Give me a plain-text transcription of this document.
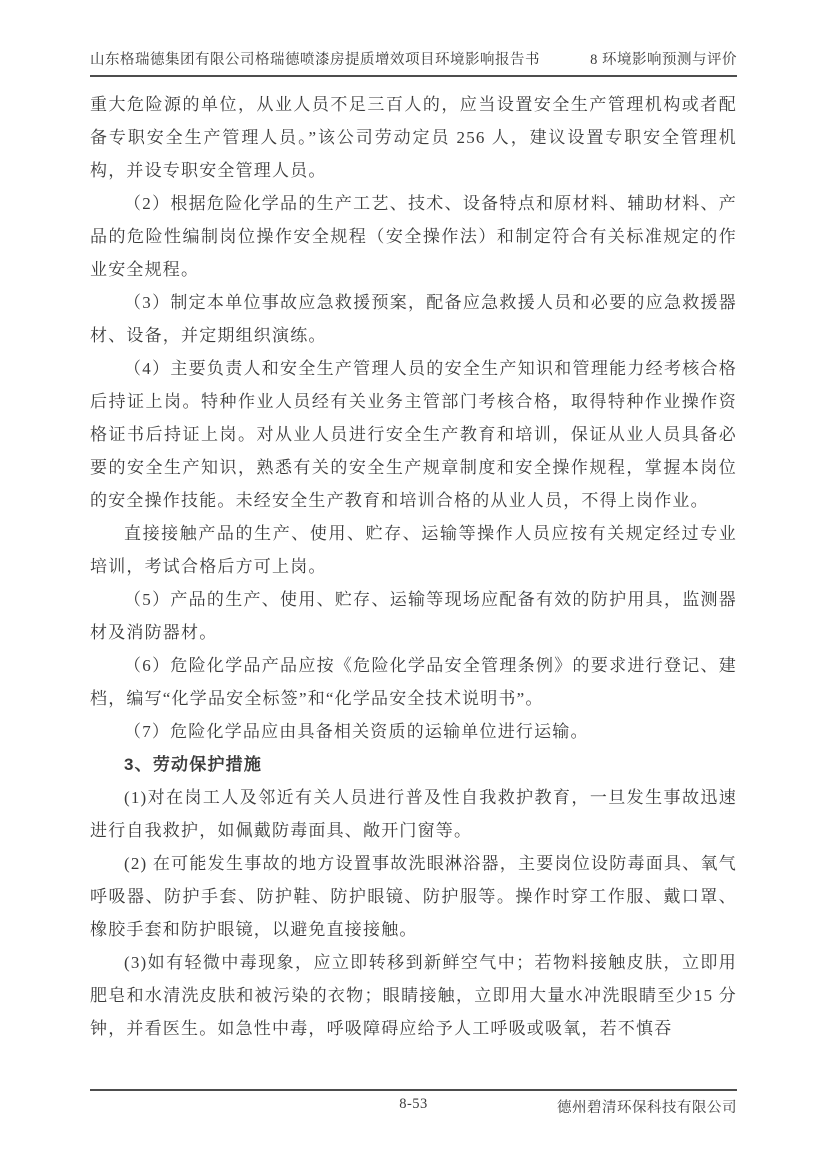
山东格瑞德集团有限公司格瑞德喷漆房提质增效项目环境影响报告书	8 环境影响预测与评价

重大危险源的单位，从业人员不足三百人的，应当设置安全生产管理机构或者配备专职安全生产管理人员。”该公司劳动定员 256 人，建议设置专职安全管理机构，并设专职安全管理人员。

（2）根据危险化学品的生产工艺、技术、设备特点和原材料、辅助材料、产品的危险性编制岗位操作安全规程（安全操作法）和制定符合有关标准规定的作业安全规程。

（3）制定本单位事故应急救援预案，配备应急救援人员和必要的应急救援器材、设备，并定期组织演练。

（4）主要负责人和安全生产管理人员的安全生产知识和管理能力经考核合格后持证上岗。特种作业人员经有关业务主管部门考核合格，取得特种作业操作资格证书后持证上岗。对从业人员进行安全生产教育和培训，保证从业人员具备必要的安全生产知识，熟悉有关的安全生产规章制度和安全操作规程，掌握本岗位的安全操作技能。未经安全生产教育和培训合格的从业人员，不得上岗作业。

直接接触产品的生产、使用、贮存、运输等操作人员应按有关规定经过专业培训，考试合格后方可上岗。

（5）产品的生产、使用、贮存、运输等现场应配备有效的防护用具，监测器材及消防器材。

（6）危险化学品产品应按《危险化学品安全管理条例》的要求进行登记、建档，编写“化学品安全标签”和“化学品安全技术说明书”。

（7）危险化学品应由具备相关资质的运输单位进行运输。

3、劳动保护措施

(1)对在岗工人及邻近有关人员进行普及性自我救护教育，一旦发生事故迅速进行自我救护，如佩戴防毒面具、敞开门窗等。

(2) 在可能发生事故的地方设置事故洗眼淋浴器，主要岗位设防毒面具、氧气呼吸器、防护手套、防护鞋、防护眼镜、防护服等。操作时穿工作服、戴口罩、橡胶手套和防护眼镜，以避免直接接触。

(3)如有轻微中毒现象，应立即转移到新鲜空气中；若物料接触皮肤，立即用肥皂和水清洗皮肤和被污染的衣物；眼睛接触，立即用大量水冲洗眼睛至少15 分钟，并看医生。如急性中毒，呼吸障碍应给予人工呼吸或吸氧，若不慎吞

8-53	德州碧清环保科技有限公司
